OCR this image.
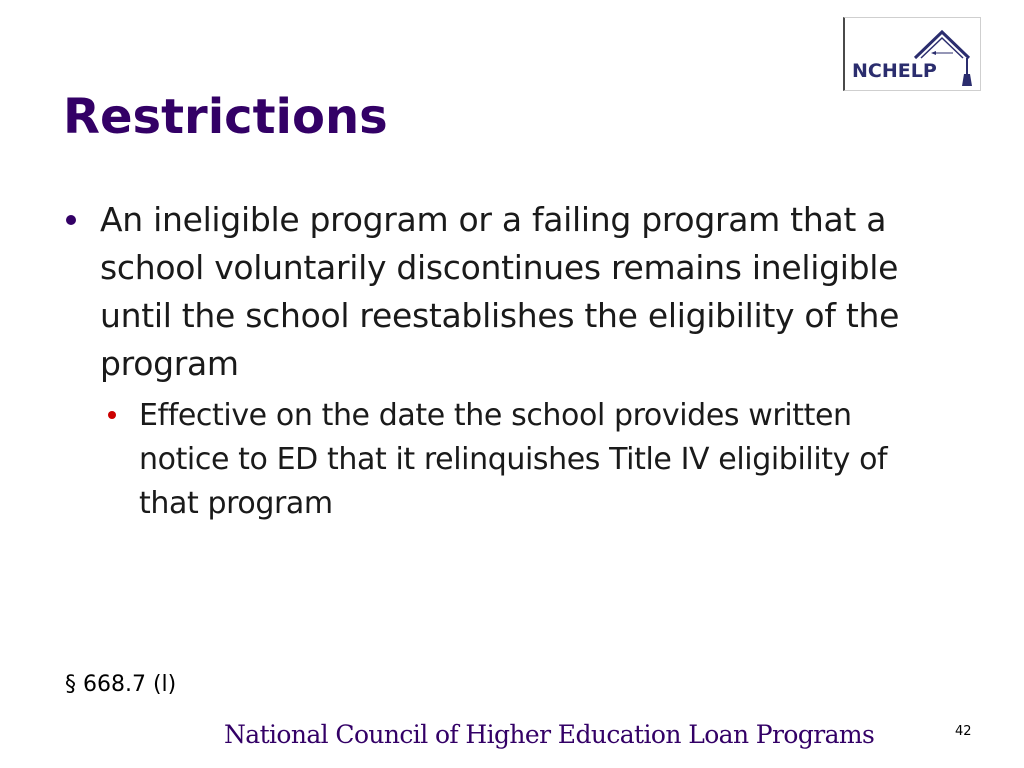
NCHELP
Restrictions
An ineligible program or a failing program that a school voluntarily discontinues remains ineligible until the school reestablishes the eligibility of the program
Effective on the date the school provides written notice to ED that it relinquishes Title IV eligibility of that program
§ 668.7 (l)
National Council of Higher Education Loan Programs	42
